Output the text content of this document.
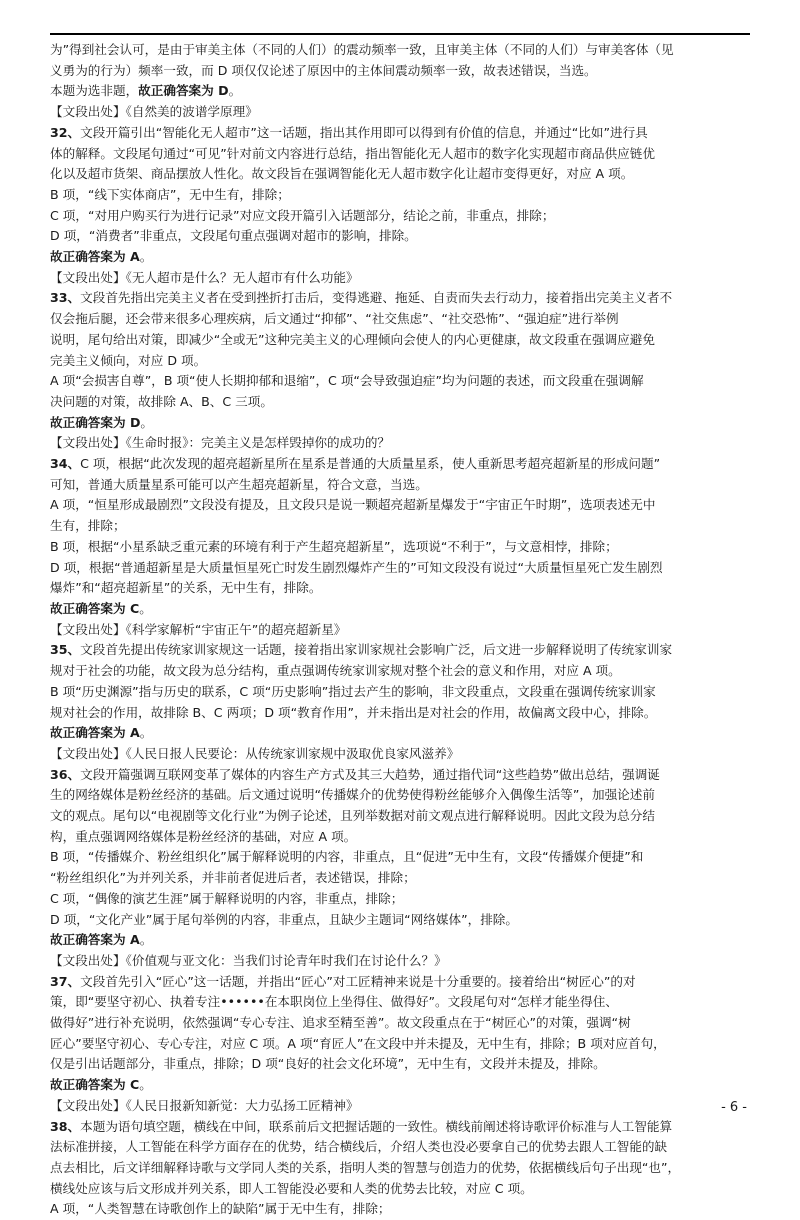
为”得到社会认可，是由于审美主体（不同的人们）的震动频率一致，且审美主体（不同的人们）与审美客体（见

义勇为的行为）频率一致，而 D 项仅仅论述了原因中的主体间震动频率一致，故表述错误，当选。

本题为选非题，故正确答案为 D。

【文段出处】《自然美的波谱学原理》

32、文段开篇引出“智能化无人超市”这一话题，指出其作用即可以得到有价值的信息，并通过“比如”进行具

体的解释。文段尾句通过“可见”针对前文内容进行总结，指出智能化无人超市的数字化实现超市商品供应链优

化以及超市货架、商品摆放人性化。故文段旨在强调智能化无人超市数字化让超市变得更好，对应 A 项。

B 项，“线下实体商店”，无中生有，排除；

C 项，“对用户购买行为进行记录”对应文段开篇引入话题部分，结论之前，非重点，排除；

D 项，“消费者”非重点，文段尾句重点强调对超市的影响，排除。

故正确答案为 A。

【文段出处】《无人超市是什么？无人超市有什么功能》

33、文段首先指出完美主义者在受到挫折打击后，变得逃避、拖延、自责而失去行动力，接着指出完美主义者不

仅会拖后腿，还会带来很多心理疾病，后文通过“抑郁”、“社交焦虑”、“社交恐怖”、“强迫症”进行举例

说明，尾句给出对策，即减少“全或无”这种完美主义的心理倾向会使人的内心更健康，故文段重在强调应避免

完美主义倾向，对应 D 项。

A 项“会损害自尊”，B 项“使人长期抑郁和退缩”，C 项“会导致强迫症”均为问题的表述，而文段重在强调解

决问题的对策，故排除 A、B、C 三项。

故正确答案为 D。

【文段出处】《生命时报》：完美主义是怎样毁掉你的成功的？

34、C 项，根据“此次发现的超亮超新星所在星系是普通的大质量星系，使人重新思考超亮超新星的形成问题”

可知，普通大质量星系可能可以产生超亮超新星，符合文意，当选。

A 项，“恒星形成最剧烈”文段没有提及，且文段只是说一颗超亮超新星爆发于“宇宙正午时期”，选项表述无中

生有，排除；

B 项，根据“小星系缺乏重元素的环境有利于产生超亮超新星”，选项说“不利于”，与文意相悖，排除；

D 项，根据“普通超新星是大质量恒星死亡时发生剧烈爆炸产生的”可知文段没有说过“大质量恒星死亡发生剧烈

爆炸”和“超亮超新星”的关系，无中生有，排除。

故正确答案为 C。

【文段出处】《科学家解析“宇宙正午”的超亮超新星》

35、文段首先提出传统家训家规这一话题，接着指出家训家规社会影响广泛，后文进一步解释说明了传统家训家

规对于社会的功能，故文段为总分结构，重点强调传统家训家规对整个社会的意义和作用，对应 A 项。

B 项“历史渊源”指与历史的联系，C 项“历史影响”指过去产生的影响，非文段重点，文段重在强调传统家训家

规对社会的作用，故排除 B、C 两项；D 项“教育作用”，并未指出是对社会的作用，故偏离文段中心，排除。

故正确答案为 A。

【文段出处】《人民日报人民要论：从传统家训家规中汲取优良家风滋养》

36、文段开篇强调互联网变革了媒体的内容生产方式及其三大趋势，通过指代词“这些趋势”做出总结，强调诞

生的网络媒体是粉丝经济的基础。后文通过说明“传播媒介的优势使得粉丝能够介入偶像生活等”，加强论述前

文的观点。尾句以“电视剧等文化行业”为例子论述，且列举数据对前文观点进行解释说明。因此文段为总分结

构，重点强调网络媒体是粉丝经济的基础，对应 A 项。

B 项，“传播媒介、粉丝组织化”属于解释说明的内容，非重点，且“促进”无中生有，文段“传播媒介便捷”和

“粉丝组织化”为并列关系，并非前者促进后者，表述错误，排除；

C 项，“偶像的演艺生涯”属于解释说明的内容，非重点，排除；

D 项，“文化产业”属于尾句举例的内容，非重点，且缺少主题词“网络媒体”，排除。

故正确答案为 A。

【文段出处】《价值观与亚文化：当我们讨论青年时我们在讨论什么？》

37、文段首先引入“匠心”这一话题，并指出“匠心”对工匠精神来说是十分重要的。接着给出“树匠心”的对

策，即“要坚守初心、执着专注••••••在本职岗位上坐得住、做得好”。文段尾句对“怎样才能坐得住、

做得好”进行补充说明，依然强调“专心专注、追求至精至善”。故文段重点在于“树匠心”的对策，强调“树

匠心”要坚守初心、专心专注，对应 C 项。A 项“育匠人”在文段中并未提及，无中生有，排除；B 项对应首句，

仅是引出话题部分，非重点，排除；D 项“良好的社会文化环境”，无中生有，文段并未提及，排除。

故正确答案为 C。

【文段出处】《人民日报新知新觉：大力弘扬工匠精神》

38、本题为语句填空题，横线在中间，联系前后文把握话题的一致性。横线前阐述将诗歌评价标准与人工智能算

法标准拼接，人工智能在科学方面存在的优势，结合横线后，介绍人类也没必要拿自己的优势去跟人工智能的缺

点去相比，后文详细解释诗歌与文学同人类的关系，指明人类的智慧与创造力的优势，依据横线后句子出现“也”，

横线处应该与后文形成并列关系，即人工智能没必要和人类的优势去比较，对应 C 项。

A 项，“人类智慧在诗歌创作上的缺陷”属于无中生有，排除；

- 6 -
